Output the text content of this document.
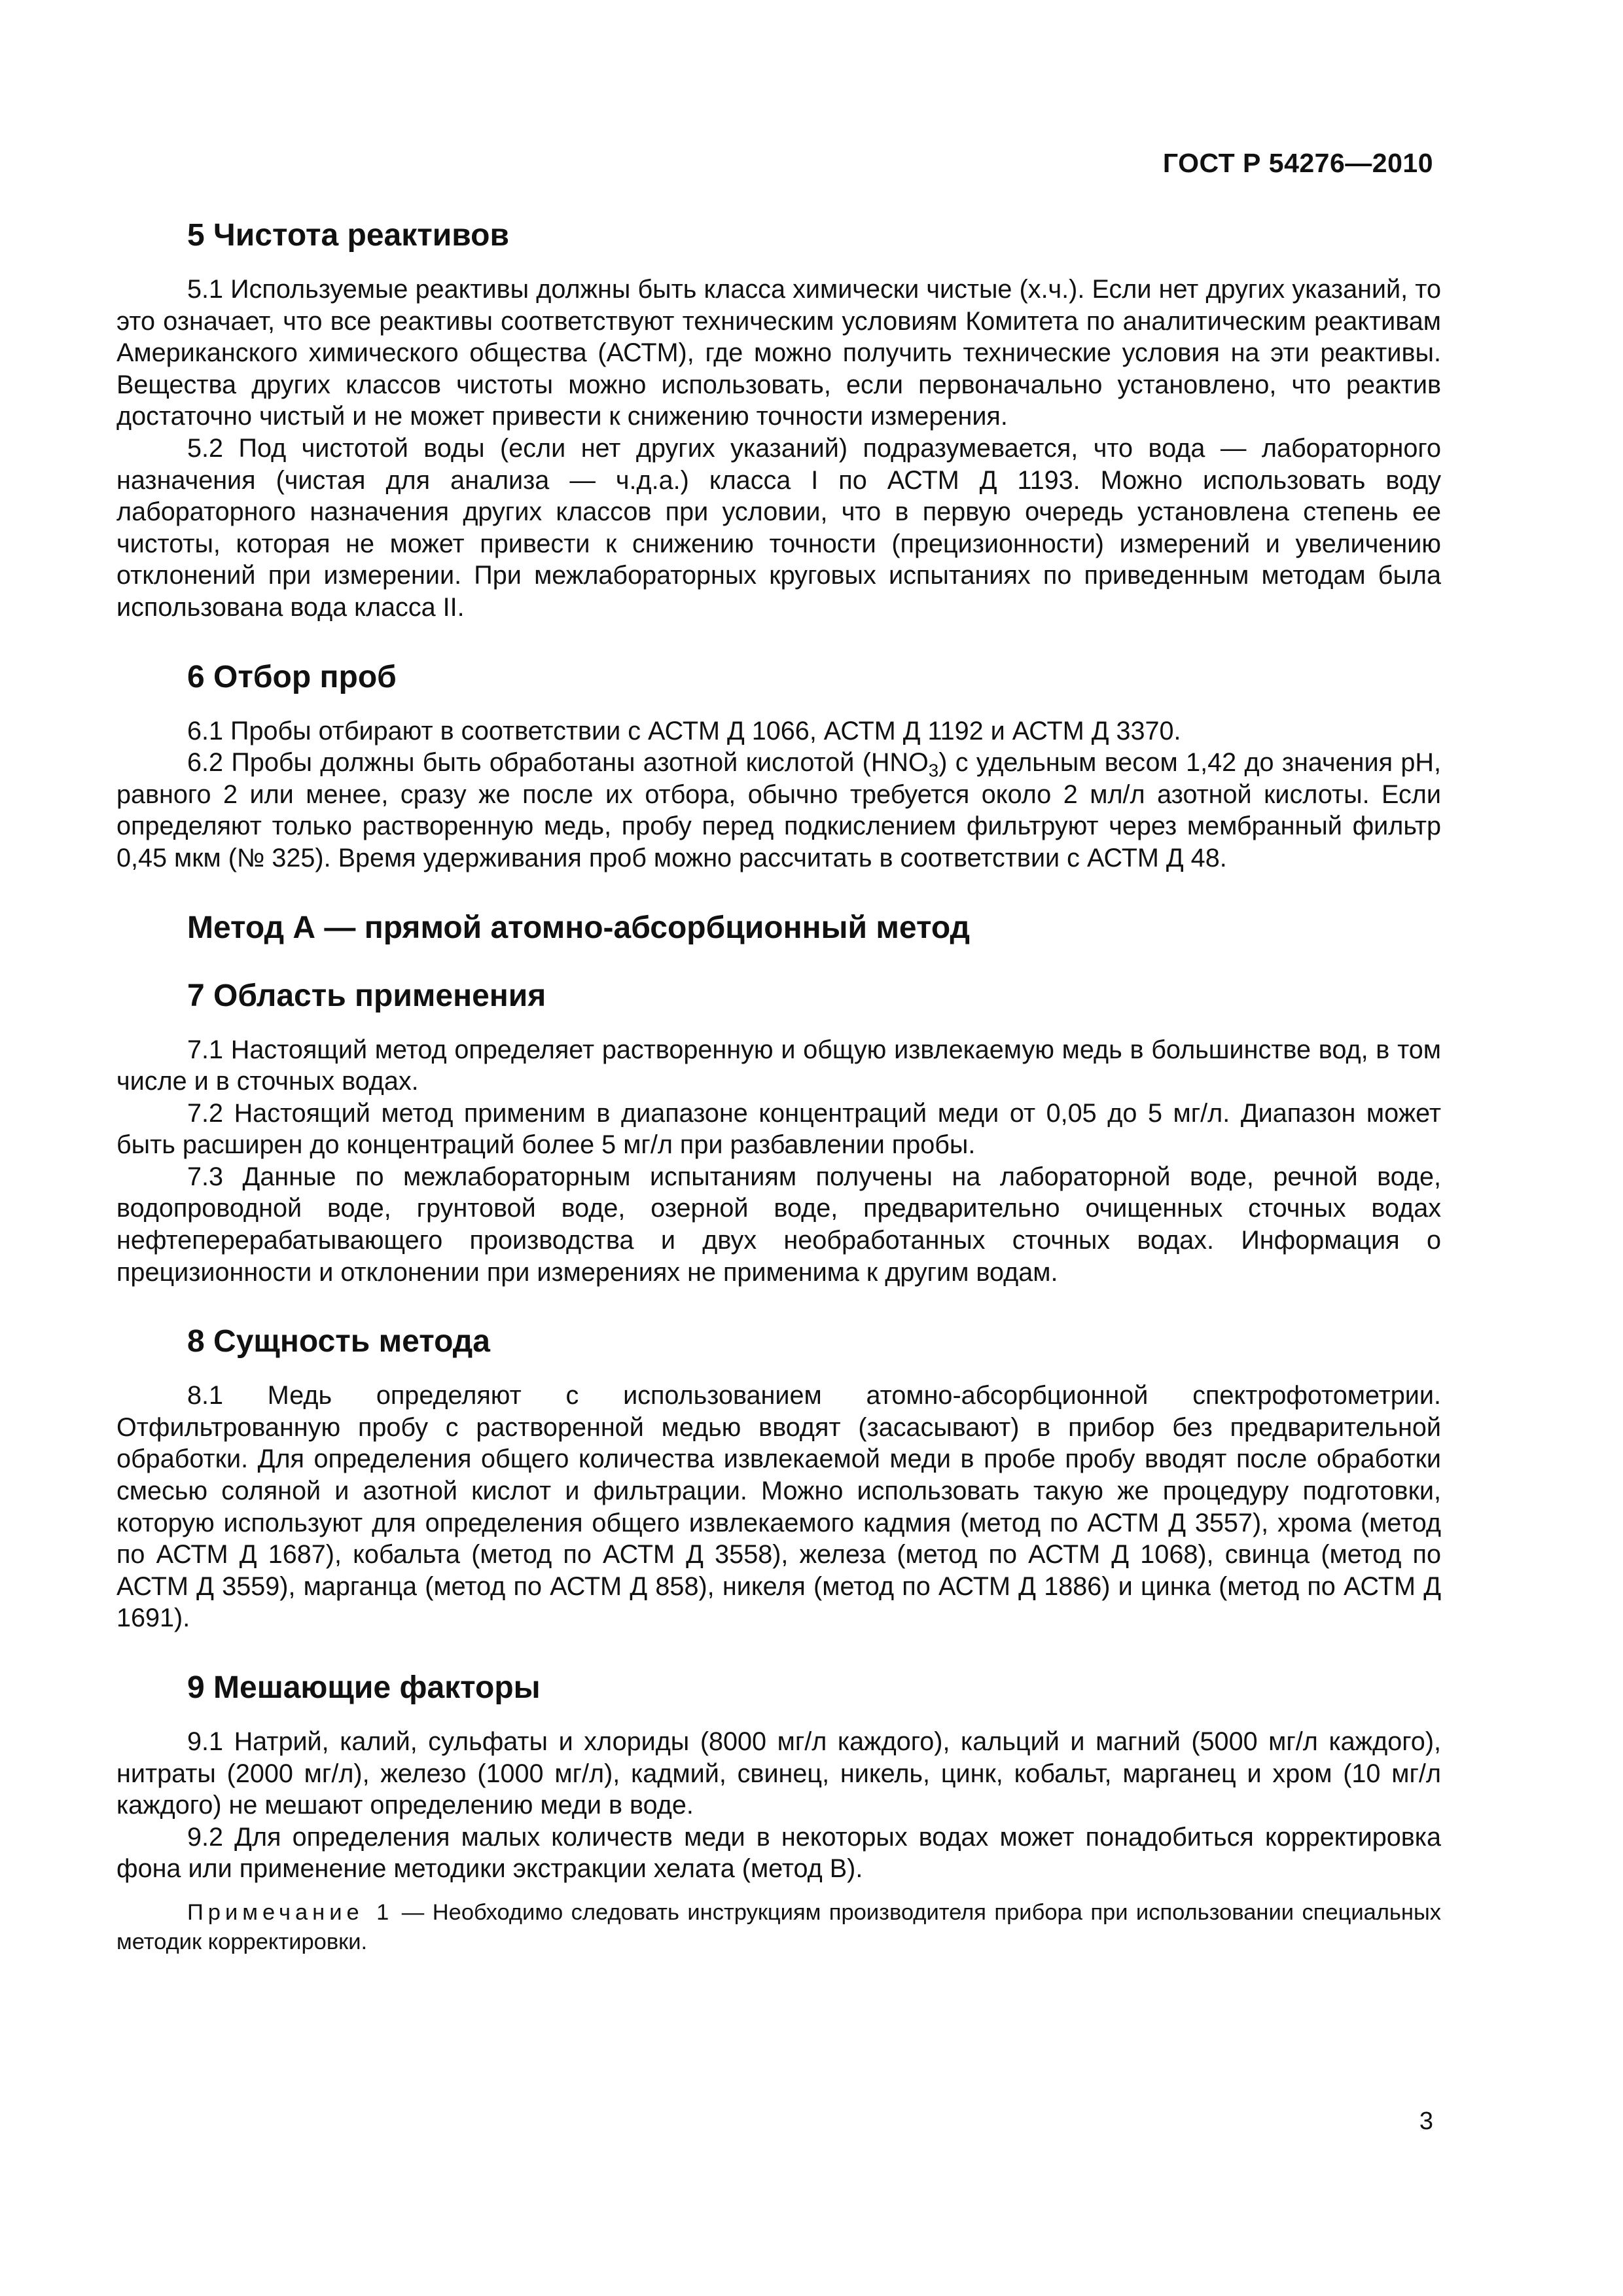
ГОСТ Р 54276—2010
5 Чистота реактивов

5.1 Используемые реактивы должны быть класса химически чистые (х.ч.). Если нет других указаний, то это означает, что все реактивы соответствуют техническим условиям Комитета по аналитическим реактивам Американского химического общества (АСТМ), где можно получить технические условия на эти реактивы. Вещества других классов чистоты можно использовать, если первоначально установлено, что реактив достаточно чистый и не может привести к снижению точности измерения.

5.2 Под чистотой воды (если нет других указаний) подразумевается, что вода — лабораторного назначения (чистая для анализа — ч.д.а.) класса I по АСТМ Д 1193. Можно использовать воду лабораторного назначения других классов при условии, что в первую очередь установлена степень ее чистоты, которая не может привести к снижению точности (прецизионности) измерений и увеличению отклонений при измерении. При межлабораторных круговых испытаниях по приведенным методам была использована вода класса II.

6 Отбор проб

6.1 Пробы отбирают в соответствии с АСТМ Д 1066, АСТМ Д 1192 и АСТМ Д 3370.

6.2 Пробы должны быть обработаны азотной кислотой $(HNO_3)$ с удельным весом 1,42 до значения pH, равного 2 или менее, сразу же после их отбора, обычно требуется около 2 мл/л азотной кислоты. Если определяют только растворенную медь, пробу перед подкислением фильтруют через мембранный фильтр 0,45 мкм (№ 325). Время удерживания проб можно рассчитать в соответствии с АСТМ Д 48.

Метод А — прямой атомно-абсорбционный метод
7 Область применения

7.1 Настоящий метод определяет растворенную и общую извлекаемую медь в большинстве вод, в том числе и в сточных водах.

7.2 Настоящий метод применим в диапазоне концентраций меди от 0,05 до 5 мг/л. Диапазон может быть расширен до концентраций более 5 мг/л при разбавлении пробы.

7.3 Данные по межлабораторным испытаниям получены на лабораторной воде, речной воде, водопроводной воде, грунтовой воде, озерной воде, предварительно очищенных сточных водах нефтеперерабатывающего производства и двух необработанных сточных водах. Информация о прецизионности и отклонении при измерениях не применима к другим водам.

8 Сущность метода

8.1 Медь определяют с использованием атомно-абсорбционной спектрофотометрии. Отфильтрованную пробу с растворенной медью вводят (засасывают) в прибор без предварительной обработки. Для определения общего количества извлекаемой меди в пробе пробу вводят после обработки смесью соляной и азотной кислот и фильтрации. Можно использовать такую же процедуру подготовки, которую используют для определения общего извлекаемого кадмия (метод по АСТМ Д 3557), хрома (метод по АСТМ Д 1687), кобальта (метод по АСТМ Д 3558), железа (метод по АСТМ Д 1068), свинца (метод по АСТМ Д 3559), марганца (метод по АСТМ Д 858), никеля (метод по АСТМ Д 1886) и цинка (метод по АСТМ Д 1691).

9 Мешающие факторы

9.1 Натрий, калий, сульфаты и хлориды (8000 мг/л каждого), кальций и магний (5000 мг/л каждого), нитраты (2000 мг/л), железо (1000 мг/л), кадмий, свинец, никель, цинк, кобальт, марганец и хром (10 мг/л каждого) не мешают определению меди в воде.

9.2 Для определения малых количеств меди в некоторых водах может понадобиться корректировка фона или применение методики экстракции хелата (метод В).

Примечание 1 — Необходимо следовать инструкциям производителя прибора при использовании специальных методик корректировки.

3
